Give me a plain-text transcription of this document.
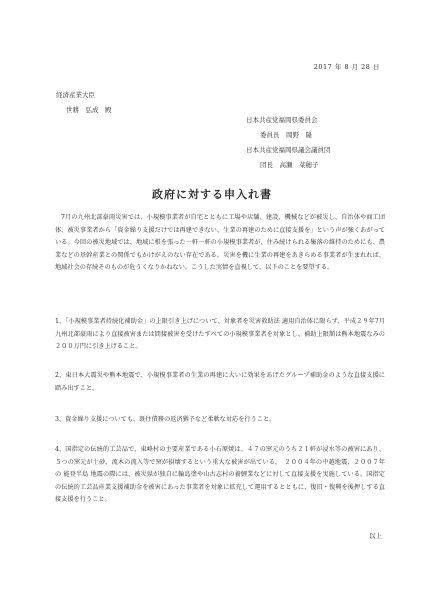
2017 年 8 月 28 日
経済産業大臣
世耕　弘成　殿
日本共産党福岡県委員会
委員長　岡野　隆
日本共産党福岡県議会議員団
団長　高瀬　菜穂子
政府に対する申入れ書

7月の九州北部豪雨災害では、小規模事業者が自宅とともに工場や店舗、建設、機械などが被災し、自治体や商工団体、被災事業者から「資金繰り支援だけでは再建できない、生業の再建のために直接支援を」という声が強くあがっている。今回の被災地域では、地域に根を張った一軒一軒の小規模事業者が、住み続けられる集落の維持のためにも、農業などの基幹産業との関係でもかけがえのない存在である。災害を機に生業の再建をあきらめる事業者が生まれれば、地域社会の存続そのものが危うくなりかねない。こうした実情を直視して、以下のことを要望する。

1、「小規模事業者持続化補助金」の上限引き上げについて、対象者を災害救助法 適用自治体に限らず、平成２９年7月九州北部豪雨により直接被害または間接被害を受けたすべての小規模事業者を対象とし、補助上限額は熊本地震なみの２００万円に引き上げること。

2、東日本大震災や熊本地震で、小規模事業者の生業の再建に大いに効果をあげたグループ補助金のような直接支援に踏み出すこと。

3、資金繰り支援についても、既往債務の返済猶予など柔軟な対応を行うこと。

4、国指定の伝統的工芸品で、東峰村の主要産業である小石原焼は、４７の窯元のうち２１軒が浸水等の被害にあり、５つの窯元が土砂、流木の流入等で窯が損壊するという重大な被害が出ている。　２００４年の中越地震、２００７年の 能登半島 地震の際には、被災県が独自に輪島塗や山古志村の養鯉業などに対して直接支援を実施している。国指定の伝統的工芸品産業支援補助金を被害にあった事業者を対象に拡充して運用するとともに、復旧・復興を後押しする直接支援を行うこと。

以上
